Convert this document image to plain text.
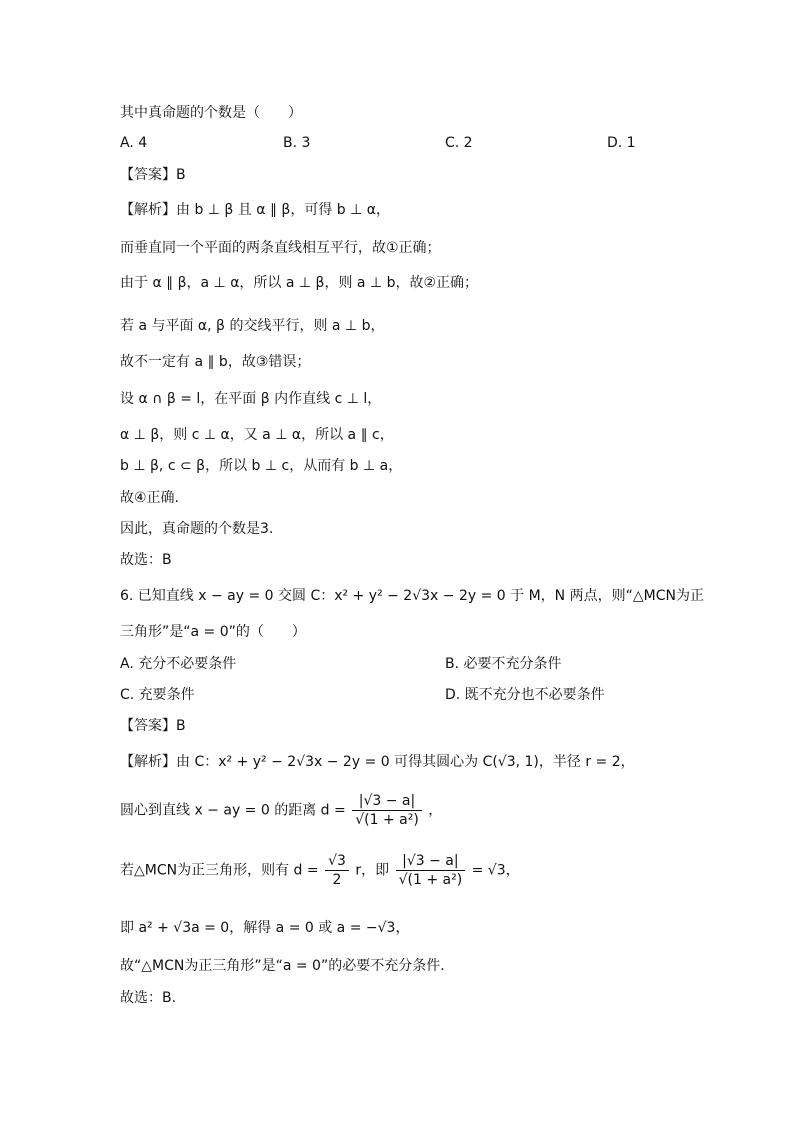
其中真命题的个数是（　　）
A. 4	B. 3	C. 2	D. 1
【答案】B
【解析】由 b ⊥ β 且 α ∥ β，可得 b ⊥ α，
而垂直同一个平面的两条直线相互平行，故①正确；
由于 α ∥ β，a ⊥ α，所以 a ⊥ β，则 a ⊥ b，故②正确；
若 a 与平面 α, β 的交线平行，则 a ⊥ b，
故不一定有 a ∥ b，故③错误；
设 α ∩ β = l，在平面 β 内作直线 c ⊥ l，
α ⊥ β，则 c ⊥ α，又 a ⊥ α，所以 a ∥ c，
b ⊥ β, c ⊂ β，所以 b ⊥ c，从而有 b ⊥ a，
故④正确.
因此，真命题的个数是3.
故选：B
6. 已知直线 x − ay = 0 交圆 C：x² + y² − 2√3x − 2y = 0 于 M，N 两点，则“△MCN为正
三角形”是“a = 0”的（　　）
A. 充分不必要条件	B. 必要不充分条件
C. 充要条件	D. 既不充分也不必要条件
【答案】B
【解析】由 C：x² + y² − 2√3x − 2y = 0 可得其圆心为 C(√3, 1)，半径 r = 2，
圆心到直线 x − ay = 0 的距离 $d = \frac{|√3 - a|}{\text{√(1 + a²)}}$ ，
若△MCN为正三角形，则有 $d = \frac{√3}{2}$ r，即 $\frac{|√3 - a|}{\text{√(1 + a²)}} = √3$，
即 a² + √3a = 0，解得 a = 0 或 a = −√3，
故“△MCN为正三角形”是“a = 0”的必要不充分条件.
故选：B.
